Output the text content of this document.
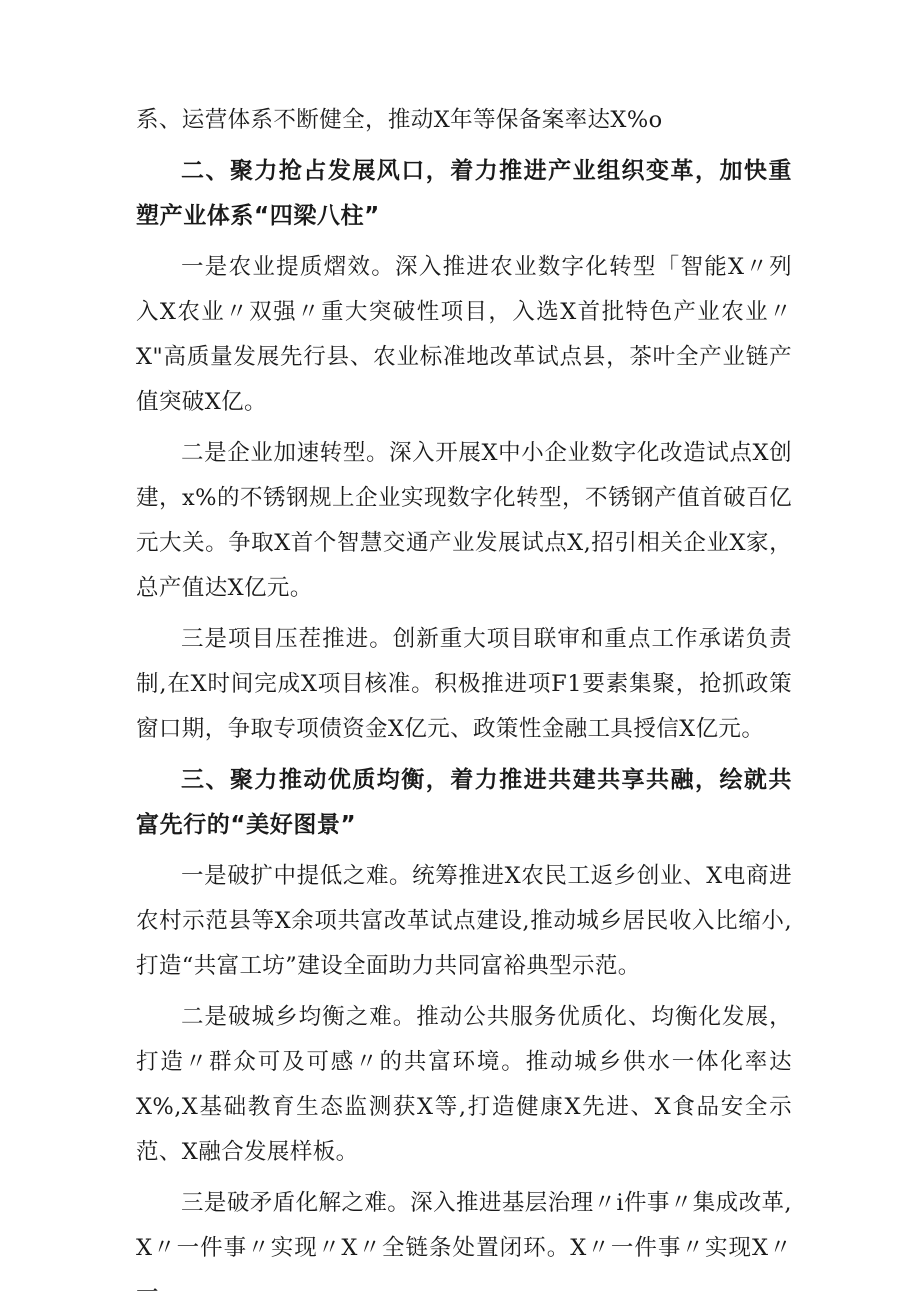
系、运营体系不断健全，推动X年等保备案率达X%o

二、聚力抢占发展风口，着力推进产业组织变革，加快重塑产业体系“四梁八柱”

一是农业提质熠效。深入推进农业数字化转型「智能X〃列入X农业〃双强〃重大突破性项目，入选X首批特色产业农业〃X"高质量发展先行县、农业标准地改革试点县，茶叶全产业链产值突破X亿。

二是企业加速转型。深入开展X中小企业数字化改造试点X创建，x%的不锈钢规上企业实现数字化转型，不锈钢产值首破百亿元大关。争取X首个智慧交通产业发展试点X,招引相关企业X家，总产值达X亿元。

三是项目压茬推进。创新重大项目联审和重点工作承诺负责制,在X时间完成X项目核准。积极推进项F1要素集聚，抢抓政策窗口期，争取专项债资金X亿元、政策性金融工具授信X亿元。

三、聚力推动优质均衡，着力推进共建共享共融，绘就共富先行的“美好图景”

一是破扩中提低之难。统筹推进X农民工返乡创业、X电商进农村示范县等X余项共富改革试点建设,推动城乡居民收入比缩小,打造“共富工坊”建设全面助力共同富裕典型示范。

二是破城乡均衡之难。推动公共服务优质化、均衡化发展，打造〃群众可及可感〃的共富环境。推动城乡供水一体化率达X%,X基础教育生态监测获X等,打造健康X先进、X食品安全示范、X融合发展样板。

三是破矛盾化解之难。深入推进基层治理〃i件事〃集成改革,X〃一件事〃实现〃X〃全链条处置闭环。X〃一件事〃实现X〃一
